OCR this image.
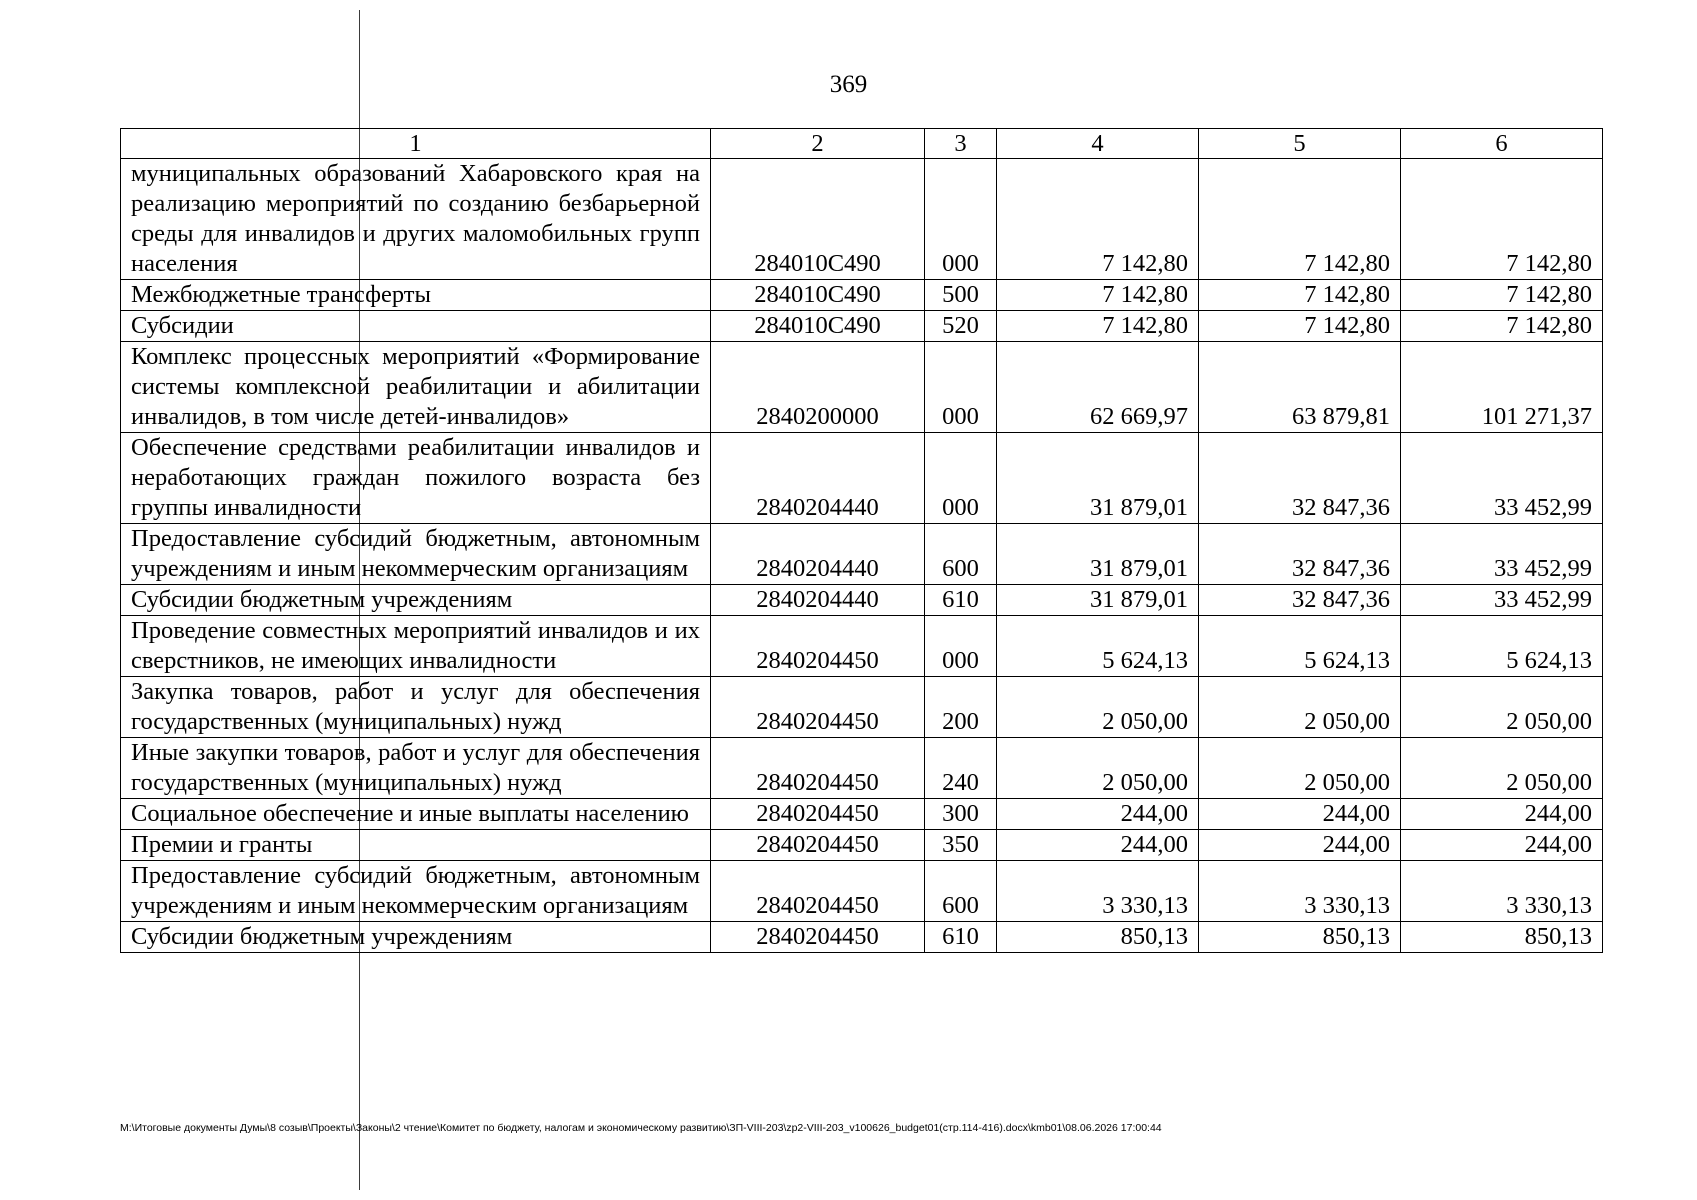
369
1	2	3	4	5	6
муниципальных образований Хабаровского края на реализацию мероприятий по созданию безбарьерной среды для инвалидов и других маломобильных групп населения	284010С490	000	7 142,80	7 142,80	7 142,80
Межбюджетные трансферты	284010С490	500	7 142,80	7 142,80	7 142,80
Субсидии	284010С490	520	7 142,80	7 142,80	7 142,80
Комплекс процессных мероприятий «Формирование системы комплексной реабилитации и абилитации инвалидов, в том числе детей-инвалидов»	2840200000	000	62 669,97	63 879,81	101 271,37
Обеспечение средствами реабилитации инвалидов и неработающих граждан пожилого возраста без группы инвалидности	2840204440	000	31 879,01	32 847,36	33 452,99
Предоставление субсидий бюджетным, автономным учреждениям и иным некоммерческим организациям	2840204440	600	31 879,01	32 847,36	33 452,99
Субсидии бюджетным учреждениям	2840204440	610	31 879,01	32 847,36	33 452,99
Проведение совместных мероприятий инвалидов и их сверстников, не имеющих инвалидности	2840204450	000	5 624,13	5 624,13	5 624,13
Закупка товаров, работ и услуг для обеспечения государственных (муниципальных) нужд	2840204450	200	2 050,00	2 050,00	2 050,00
Иные закупки товаров, работ и услуг для обеспечения государственных (муниципальных) нужд	2840204450	240	2 050,00	2 050,00	2 050,00
Социальное обеспечение и иные выплаты населению	2840204450	300	244,00	244,00	244,00
Премии и гранты	2840204450	350	244,00	244,00	244,00
Предоставление субсидий бюджетным, автономным учреждениям и иным некоммерческим организациям	2840204450	600	3 330,13	3 330,13	3 330,13
Субсидии бюджетным учреждениям	2840204450	610	850,13	850,13	850,13
M:\Итоговые документы Думы\8 созыв\Проекты\Законы\2 чтение\Комитет по бюджету, налогам и экономическому развитию\ЗП-VIII-203\zp2-VIII-203_v100626_budget01(стр.114-416).docx\kmb01\08.06.2026 17:00:44
